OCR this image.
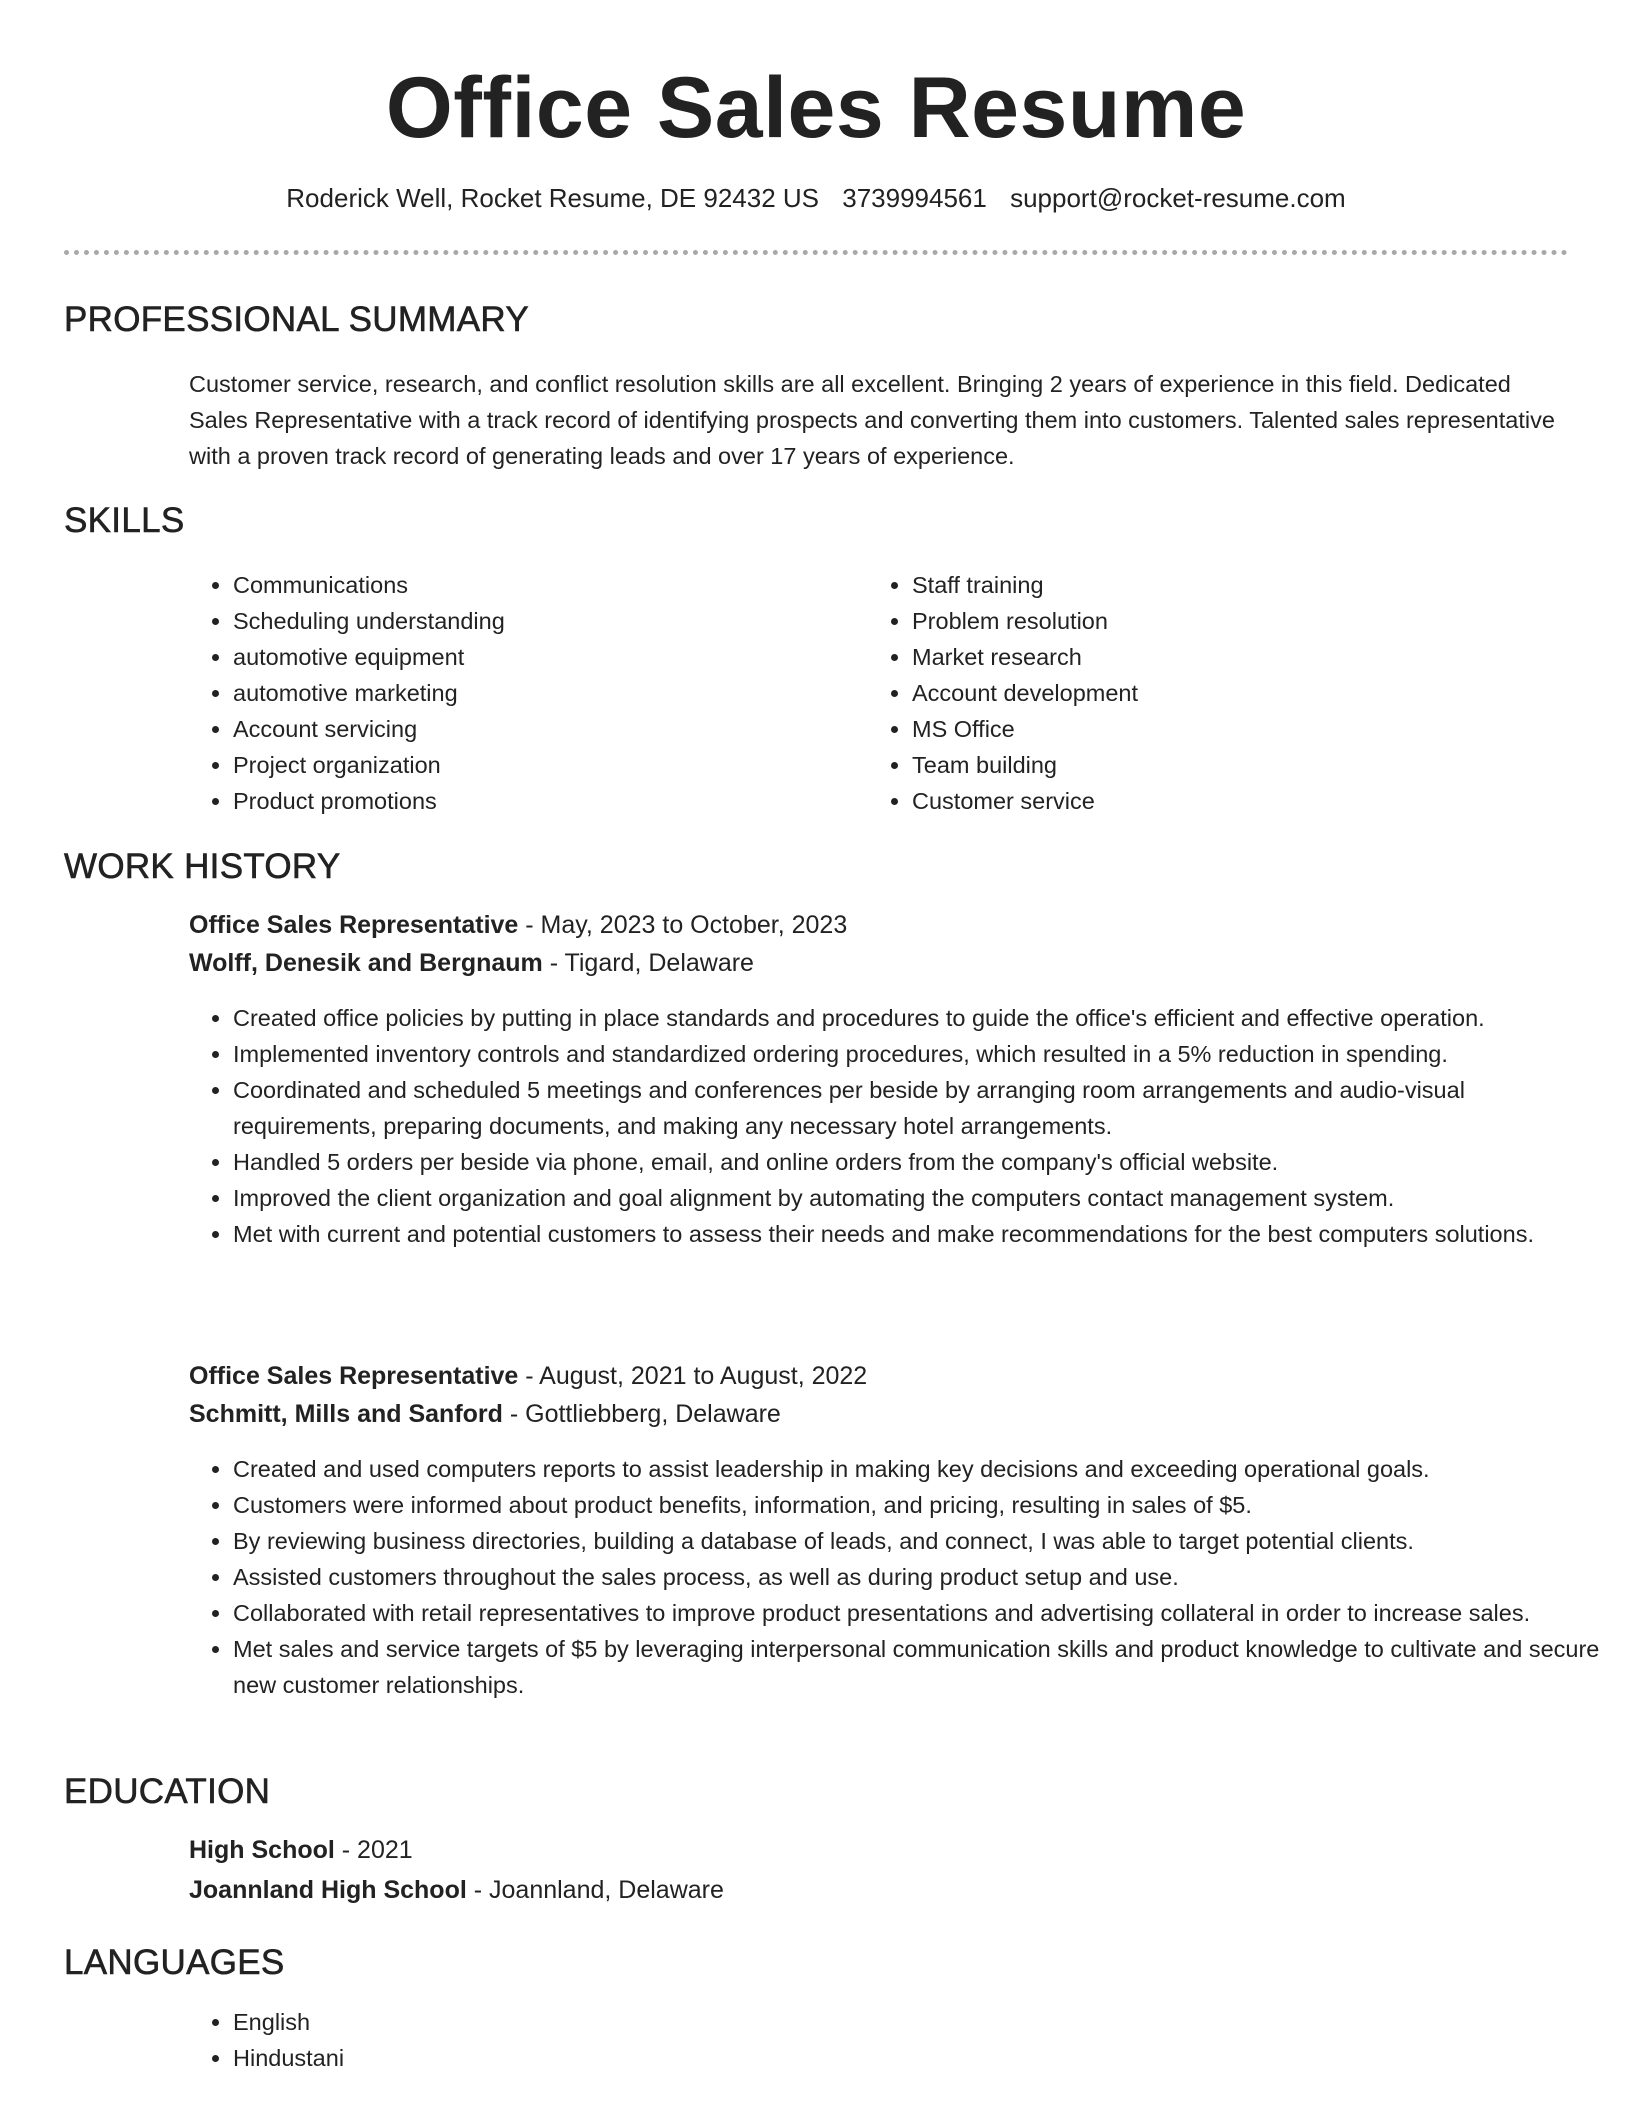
Office Sales Resume
Roderick Well, Rocket Resume, DE 92432 US 3739994561 support@rocket-resume.com
PROFESSIONAL SUMMARY
Customer service, research, and conflict resolution skills are all excellent. Bringing 2 years of experience in this field. Dedicated Sales Representative with a track record of identifying prospects and converting them into customers. Talented sales representative with a proven track record of generating leads and over 17 years of experience.
SKILLS
• Communications
• Scheduling understanding
• automotive equipment
• automotive marketing
• Account servicing
• Project organization
• Product promotions
• Staff training
• Problem resolution
• Market research
• Account development
• MS Office
• Team building
• Customer service
WORK HISTORY
Office Sales Representative - May, 2023 to October, 2023
Wolff, Denesik and Bergnaum - Tigard, Delaware
• Created office policies by putting in place standards and procedures to guide the office's efficient and effective operation.
• Implemented inventory controls and standardized ordering procedures, which resulted in a 5% reduction in spending.
• Coordinated and scheduled 5 meetings and conferences per beside by arranging room arrangements and audio-visual requirements, preparing documents, and making any necessary hotel arrangements.
• Handled 5 orders per beside via phone, email, and online orders from the company's official website.
• Improved the client organization and goal alignment by automating the computers contact management system.
• Met with current and potential customers to assess their needs and make recommendations for the best computers solutions.
Office Sales Representative - August, 2021 to August, 2022
Schmitt, Mills and Sanford - Gottliebberg, Delaware
• Created and used computers reports to assist leadership in making key decisions and exceeding operational goals.
• Customers were informed about product benefits, information, and pricing, resulting in sales of $5.
• By reviewing business directories, building a database of leads, and connect, I was able to target potential clients.
• Assisted customers throughout the sales process, as well as during product setup and use.
• Collaborated with retail representatives to improve product presentations and advertising collateral in order to increase sales.
• Met sales and service targets of $5 by leveraging interpersonal communication skills and product knowledge to cultivate and secure new customer relationships.
EDUCATION
High School - 2021
Joannland High School - Joannland, Delaware
LANGUAGES
• English
• Hindustani
